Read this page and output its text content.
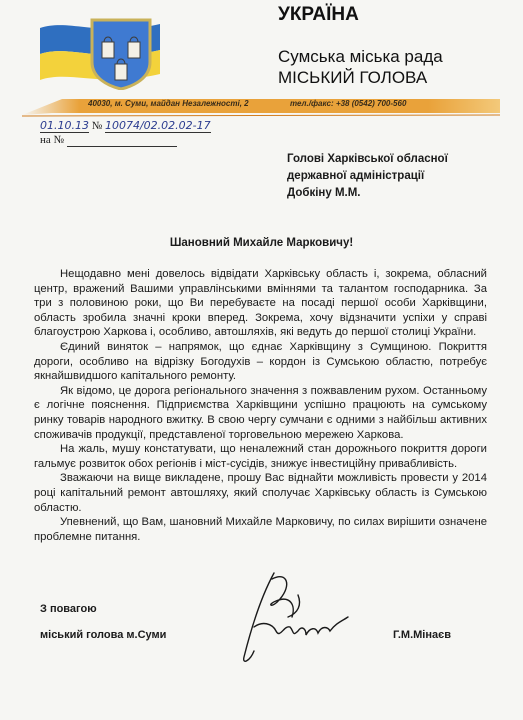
УКРАЇНА
Сумська міська рада
МІСЬКИЙ ГОЛОВА
40030, м. Суми, майдан Незалежності, 2	тел./факс: +38 (0542) 700-560
01.10.13 № 10074/02.02.02-17
на №
Голові Харківської обласної
державної адміністрації
Добкіну М.М.
Шановний Михайле Марковичу!

Нещодавно мені довелось відвідати Харківську область і, зокрема, обласний центр, вражений Вашими управлінськими вміннями та талантом господарника. За три з половиною роки, що Ви перебуваєте на посаді першої особи Харківщини, область зробила значні кроки вперед. Зокрема, хочу відзначити успіхи у справі благоустрою Харкова і, особливо, автошляхів, які ведуть до першої столиці України.

Єдиний виняток – напрямок, що єднає Харківщину з Сумщиною. Покриття дороги, особливо на відрізку Богодухів – кордон із Сумською областю, потребує якнайшвидшого капітального ремонту.

Як відомо, це дорога регіонального значення з пожвавленим рухом. Останньому є логічне пояснення. Підприємства Харківщини успішно працюють на сумському ринку товарів народного вжитку. В свою чергу сумчани є одними з найбільш активних споживачів продукції, представленої торговельною мережею Харкова.

На жаль, мушу констатувати, що неналежний стан дорожнього покриття дороги гальмує розвиток обох регіонів і міст-сусідів, знижує інвестиційну привабливість.

Зважаючи на вище викладене, прошу Вас віднайти можливість провести у 2014 році капітальний ремонт автошляху, який сполучає Харківську область із Сумською областю.

Упевнений, що Вам, шановний Михайле Марковичу, по силах вирішити означене проблемне питання.

З повагою
міський голова м.Суми	Г.М.Мінаєв
